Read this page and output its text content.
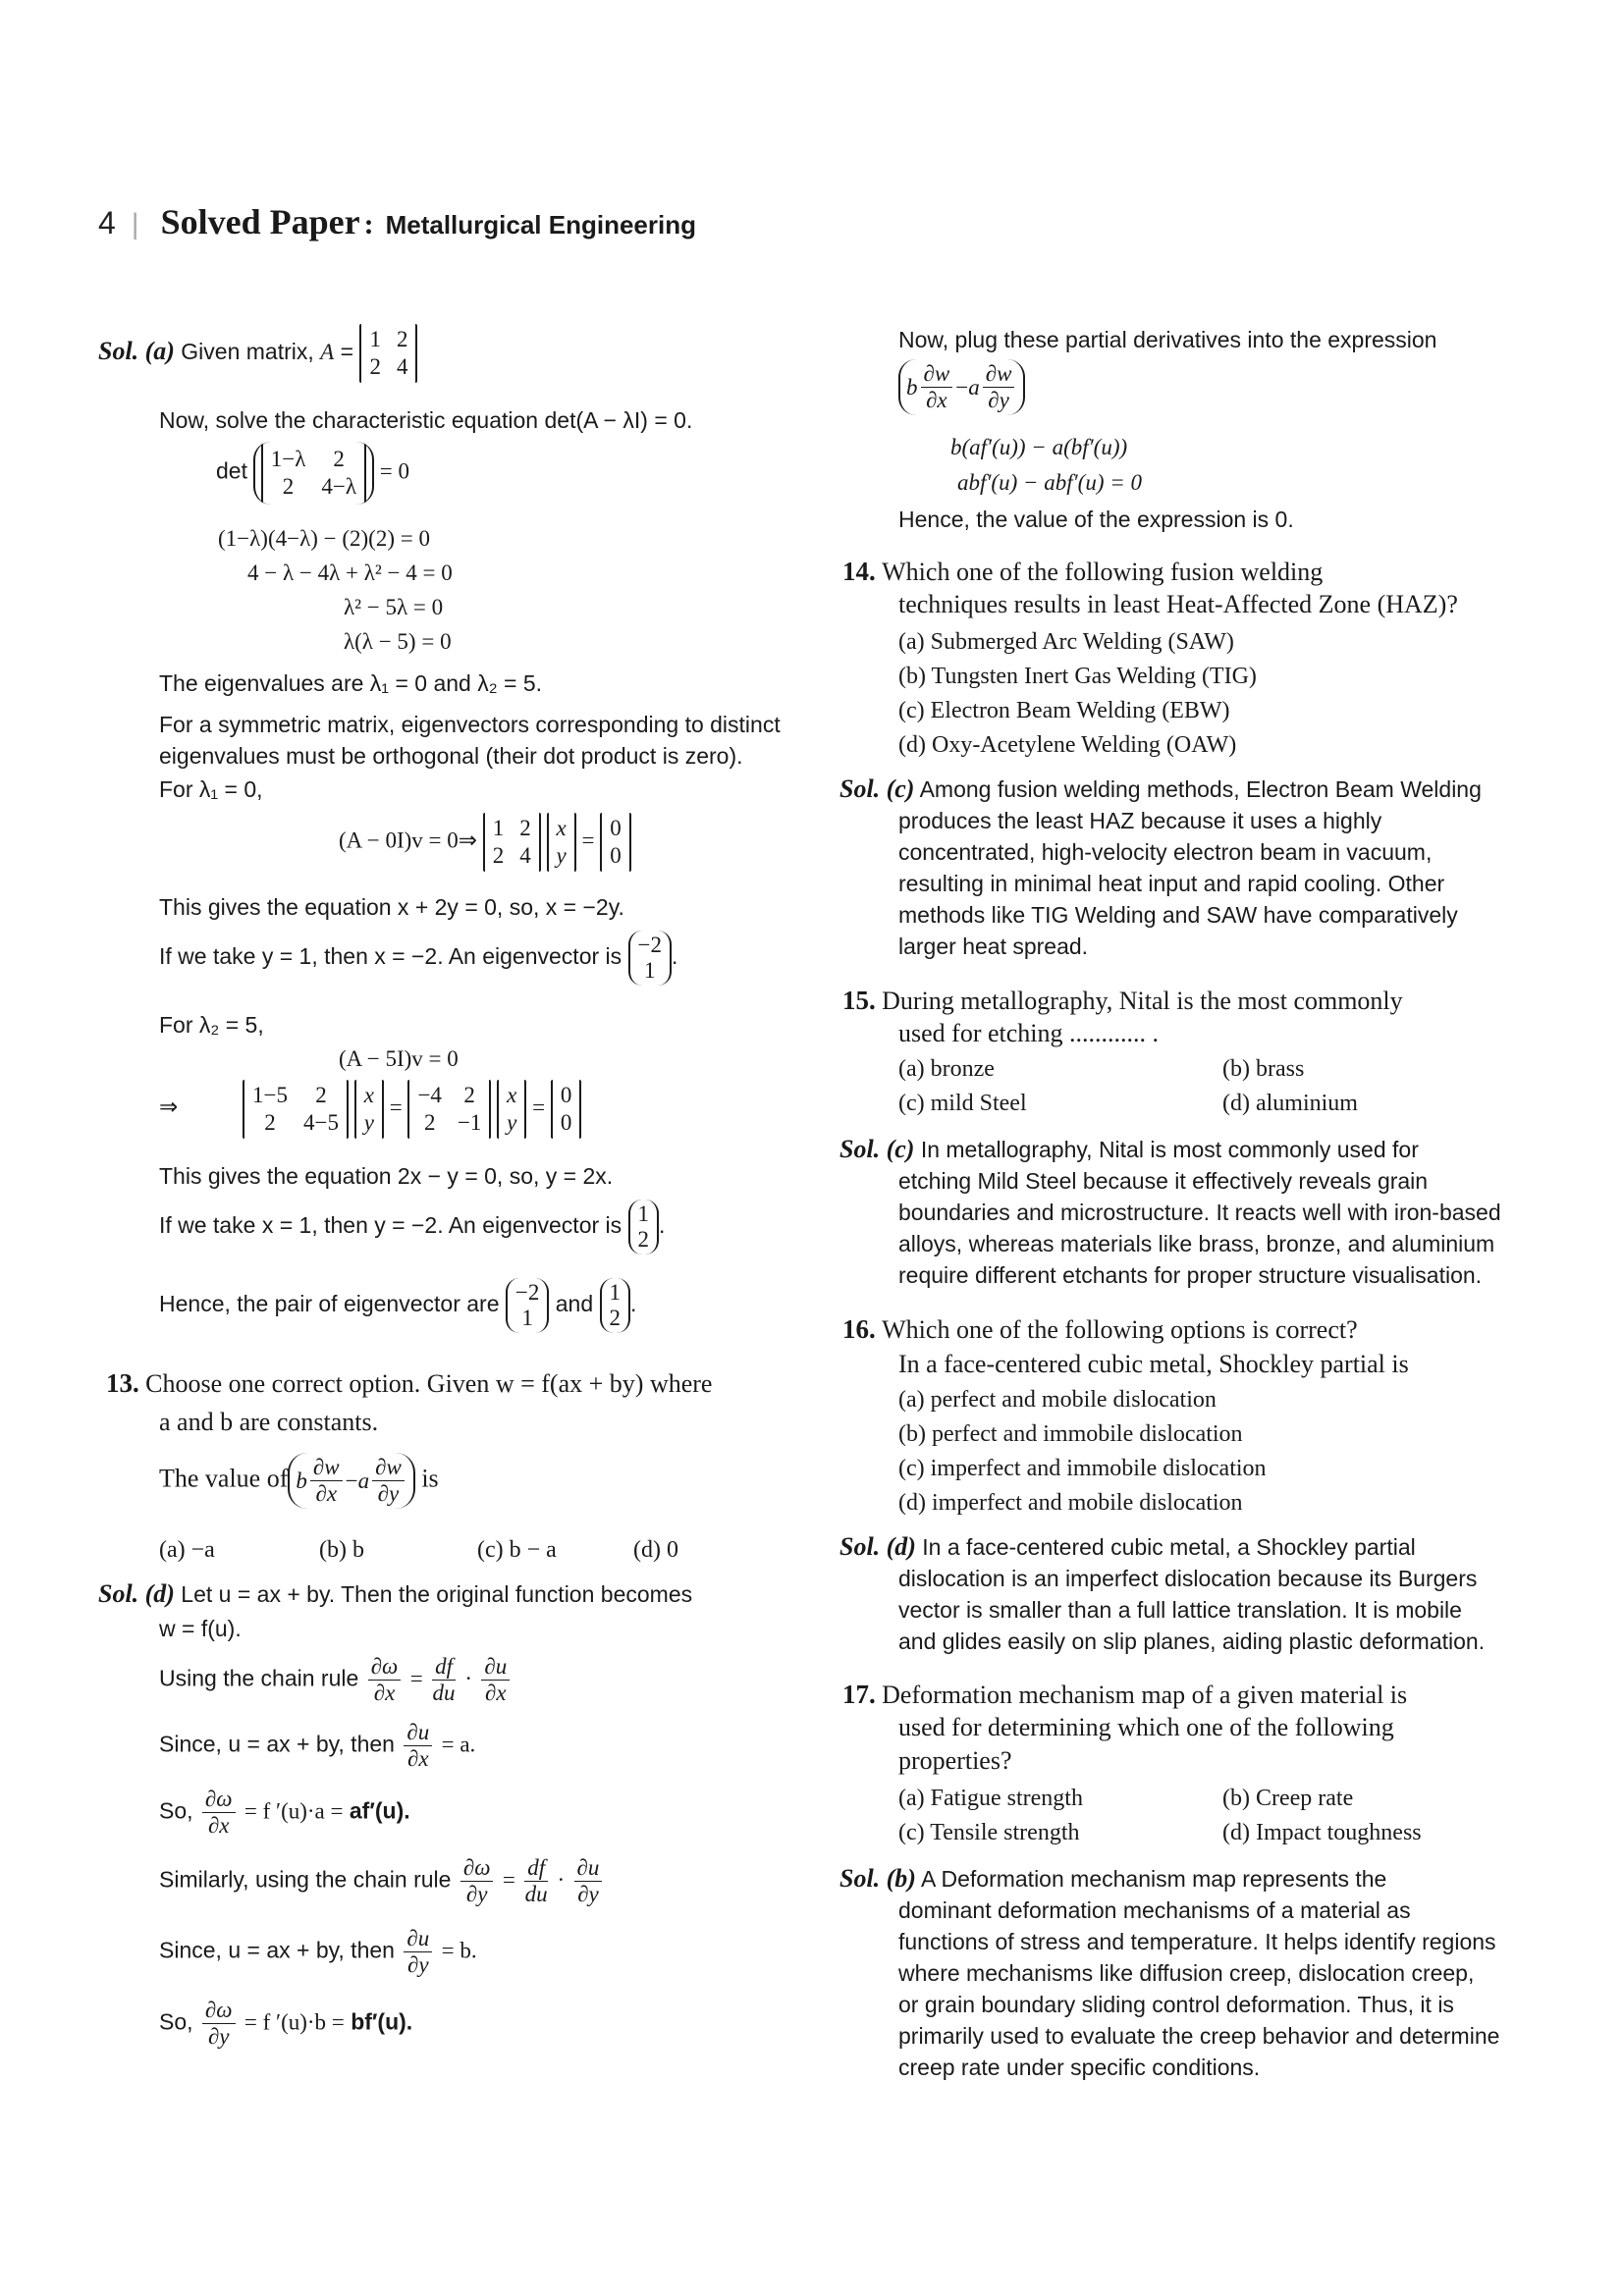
4 | Solved Paper : Metallurgical Engineering
Sol. (a) Given matrix, A = 1 2
2 4
Now, solve the characteristic equation det(A − λI) = 0.
det 1−λ	2
2	4−λ
= 0
(1−λ)(4−λ) − (2)(2) = 0
4 − λ − 4λ + λ² − 4 = 0
λ² − 5λ = 0
λ(λ − 5) = 0
The eigenvalues are λ₁ = 0 and λ₂ = 5.
For a symmetric matrix, eigenvectors corresponding to distinct
eigenvalues must be orthogonal (their dot product is zero).
For λ₁ = 0,
(A − 0I)v = 0⇒ 1 2
2 4

x
y
= 0
0
This gives the equation x + 2y = 0, so, x = −2y.
If we take y = 1, then x = −2. An eigenvector is −2
1
.
For λ₂ = 5,
(A − 5I)v = 0
⇒	1−5	2
2	4−5

x
y
= −4 2
2 −1

x
y
= 0
0
This gives the equation 2x − y = 0, so, y = 2x.
If we take x = 1, then y = −2. An eigenvector is 1
2
.
Hence, the pair of eigenvector are −2
1
and 1
2
.
13. Choose one correct option. Given w = f(ax + by) where
a and b are constants.
The value of b $\frac{\partial w}{\partial x} - a \frac{\partial w}{\partial y}$ is
(a) −a	(b) b	(c) b − a	(d) 0
Sol. (d) Let u = ax + by. Then the original function becomes
w = f(u).
Using the chain rule $\frac{\partial\omega}{\partial x} = \frac{df}{du} \cdot \frac{\partial u}{\partial x}$
Since, u = ax + by, then $\frac{\partial u}{\partial x} = a$.
So, $\frac{\partial\omega}{\partial x} = f$ ′(u)·a = af′(u).
Similarly, using the chain rule $\frac{\partial\omega}{\partial y} = \frac{df}{du} \cdot \frac{\partial u}{\partial y}$
Since, u = ax + by, then $\frac{\partial u}{\partial y} = b$.
So, $\frac{\partial\omega}{\partial y} = f$ ′(u)·b = bf′(u).
Now, plug these partial derivatives into the expression
b $\frac{\partial w}{\partial x} - a \frac{\partial w}{\partial y}$
b(af′(u)) − a(bf′(u))
abf′(u) − abf′(u) = 0
Hence, the value of the expression is 0.
14. Which one of the following fusion welding
techniques results in least Heat-Affected Zone (HAZ)?
(a) Submerged Arc Welding (SAW)
(b) Tungsten Inert Gas Welding (TIG)
(c) Electron Beam Welding (EBW)
(d) Oxy-Acetylene Welding (OAW)
Sol. (c) Among fusion welding methods, Electron Beam Welding
produces the least HAZ because it uses a highly
concentrated, high-velocity electron beam in vacuum,
resulting in minimal heat input and rapid cooling. Other
methods like TIG Welding and SAW have comparatively
larger heat spread.
15. During metallography, Nital is the most commonly
used for etching ............ .
(a) bronze	(b) brass
(c) mild Steel	(d) aluminium
Sol. (c) In metallography, Nital is most commonly used for
etching Mild Steel because it effectively reveals grain
boundaries and microstructure. It reacts well with iron-based
alloys, whereas materials like brass, bronze, and aluminium
require different etchants for proper structure visualisation.
16. Which one of the following options is correct?
In a face-centered cubic metal, Shockley partial is
(a) perfect and mobile dislocation
(b) perfect and immobile dislocation
(c) imperfect and immobile dislocation
(d) imperfect and mobile dislocation
Sol. (d) In a face-centered cubic metal, a Shockley partial
dislocation is an imperfect dislocation because its Burgers
vector is smaller than a full lattice translation. It is mobile
and glides easily on slip planes, aiding plastic deformation.
17. Deformation mechanism map of a given material is
used for determining which one of the following
properties?
(a) Fatigue strength	(b) Creep rate
(c) Tensile strength	(d) Impact toughness
Sol. (b) A Deformation mechanism map represents the
dominant deformation mechanisms of a material as
functions of stress and temperature. It helps identify regions
where mechanisms like diffusion creep, dislocation creep,
or grain boundary sliding control deformation. Thus, it is
primarily used to evaluate the creep behavior and determine
creep rate under specific conditions.
